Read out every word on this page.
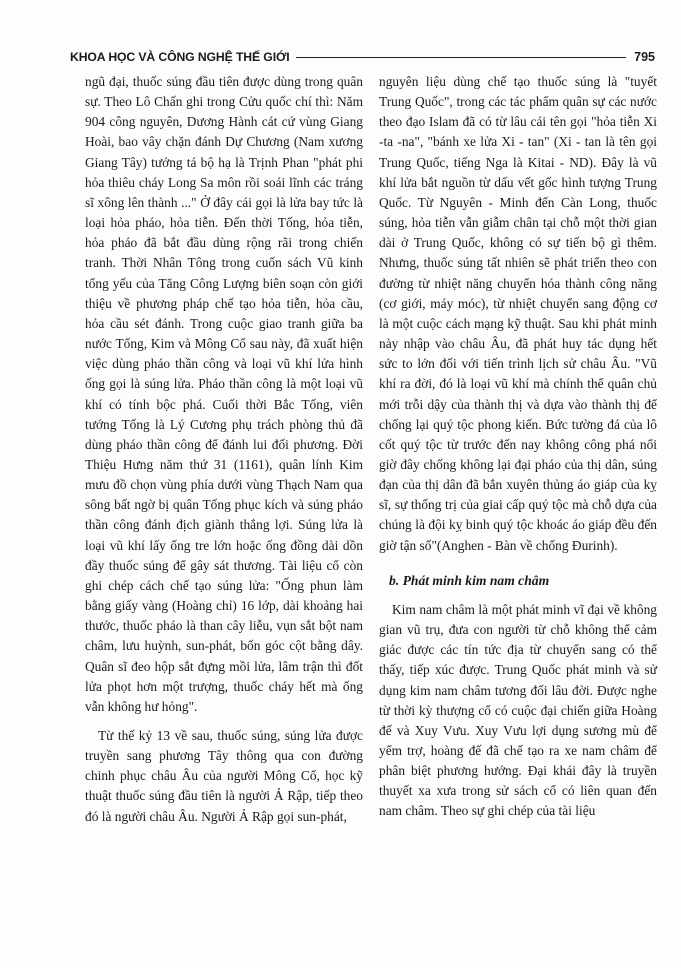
KHOA HỌC VÀ CÔNG NGHỆ THẾ GIỚI	795

ngũ đại, thuốc súng đầu tiên được dùng trong quân sự. Theo Lô Chấn ghi trong Cửu quốc chí thì: Năm 904 công nguyên, Dương Hành cát cứ vùng Giang Hoài, bao vây chặn đánh Dự Chương (Nam xương Giang Tây) tướng tá bộ hạ là Trịnh Phan "phát phi hỏa thiêu cháy Long Sa môn rồi soái lĩnh các tráng sĩ xông lên thành ..." Ở đây cái gọi là lửa bay tức là loại hỏa pháo, hỏa tiễn. Đến thời Tống, hỏa tiễn, hỏa pháo đã bắt đầu dùng rộng rãi trong chiến tranh. Thời Nhân Tông trong cuốn sách Vũ kinh tổng yếu của Tăng Công Lượng biên soạn còn giới thiệu về phương pháp chế tạo hỏa tiễn, hỏa cầu, hỏa cầu sét đánh. Trong cuộc giao tranh giữa ba nước Tống, Kim và Mông Cổ sau này, đã xuất hiện việc dùng pháo thần công và loại vũ khí lửa hình ống gọi là súng lửa. Pháo thần công là một loại vũ khí có tính bộc phá. Cuối thời Bắc Tống, viên tướng Tống là Lý Cương phụ trách phòng thủ đã dùng pháo thần công để đánh lui đối phương. Đời Thiệu Hưng năm thứ 31 (1161), quân lính Kim mưu đồ chọn vùng phía dưới vùng Thạch Nam qua sông bất ngờ bị quân Tống phục kích và súng pháo thần công đánh địch giành thắng lợi. Súng lửa là loại vũ khí lấy ống tre lớn hoặc ống đồng dài dồn đầy thuốc súng để gây sát thương. Tài liệu cổ còn ghi chép cách chế tạo súng lửa: "Ống phun làm bằng giấy vàng (Hoàng chỉ) 16 lớp, dài khoảng hai thước, thuốc pháo là than cây liễu, vụn sắt bột nam châm, lưu huỳnh, sun-phát, bốn góc cột bằng dây. Quân sĩ đeo hộp sắt đựng mồi lửa, lâm trận thì đốt lửa phọt hơn một trượng, thuốc cháy hết mà ống vẫn không hư hỏng".

Từ thế kỷ 13 về sau, thuốc súng, súng lửa được truyền sang phương Tây thông qua con đường chinh phục châu Âu của người Mông Cổ, học kỹ thuật thuốc súng đầu tiên là người Ả Rập, tiếp theo đó là người châu Âu. Người Ả Rập gọi sun-phát,

nguyên liệu dùng chế tạo thuốc súng là "tuyết Trung Quốc", trong các tác phẩm quân sự các nước theo đạo Islam đã có từ lâu cái tên gọi "hỏa tiễn Xi -ta -na", "bánh xe lửa Xi - tan" (Xi - tan là tên gọi Trung Quốc, tiếng Nga là Kitai - ND). Đây là vũ khí lửa bắt nguồn từ dấu vết gốc hình tượng Trung Quốc. Từ Nguyên - Minh đến Càn Long, thuốc súng, hỏa tiễn vẫn giẫm chân tại chỗ một thời gian dài ở Trung Quốc, không có sự tiến bộ gì thêm. Nhưng, thuốc súng tất nhiên sẽ phát triển theo con đường từ nhiệt năng chuyển hóa thành công năng (cơ giới, máy móc), từ nhiệt chuyển sang động cơ là một cuộc cách mạng kỹ thuật. Sau khi phát minh này nhập vào châu Âu, đã phát huy tác dụng hết sức to lớn đối với tiến trình lịch sử châu Âu. "Vũ khí ra đời, đó là loại vũ khí mà chính thể quân chủ mới trỗi dậy của thành thị và dựa vào thành thị để chống lại quý tộc phong kiến. Bức tường đá của lô cốt quý tộc từ trước đến nay không công phá nổi giờ đây chống không lại đại pháo của thị dân, súng đạn của thị dân đã bắn xuyên thủng áo giáp của kỵ sĩ, sự thống trị của giai cấp quý tộc mà chỗ dựa của chúng là đội kỵ binh quý tộc khoác áo giáp đều đến giờ tận số"(Anghen - Bàn về chống Đurinh).

b. Phát minh kim nam châm

Kim nam châm là một phát minh vĩ đại về không gian vũ trụ, đưa con người từ chỗ không thể cảm giác được các tín tức địa từ chuyển sang có thể thấy, tiếp xúc được. Trung Quốc phát minh và sử dụng kim nam châm tương đối lâu đời. Được nghe từ thời kỳ thượng cổ có cuộc đại chiến giữa Hoàng đế và Xuy Vưu. Xuy Vưu lợi dụng sương mù để yểm trợ, hoàng đế đã chế tạo ra xe nam châm để phân biệt phương hướng. Đại khái đây là truyền thuyết xa xưa trong sử sách cổ có liên quan đến nam châm. Theo sự ghi chép của tài liệu
